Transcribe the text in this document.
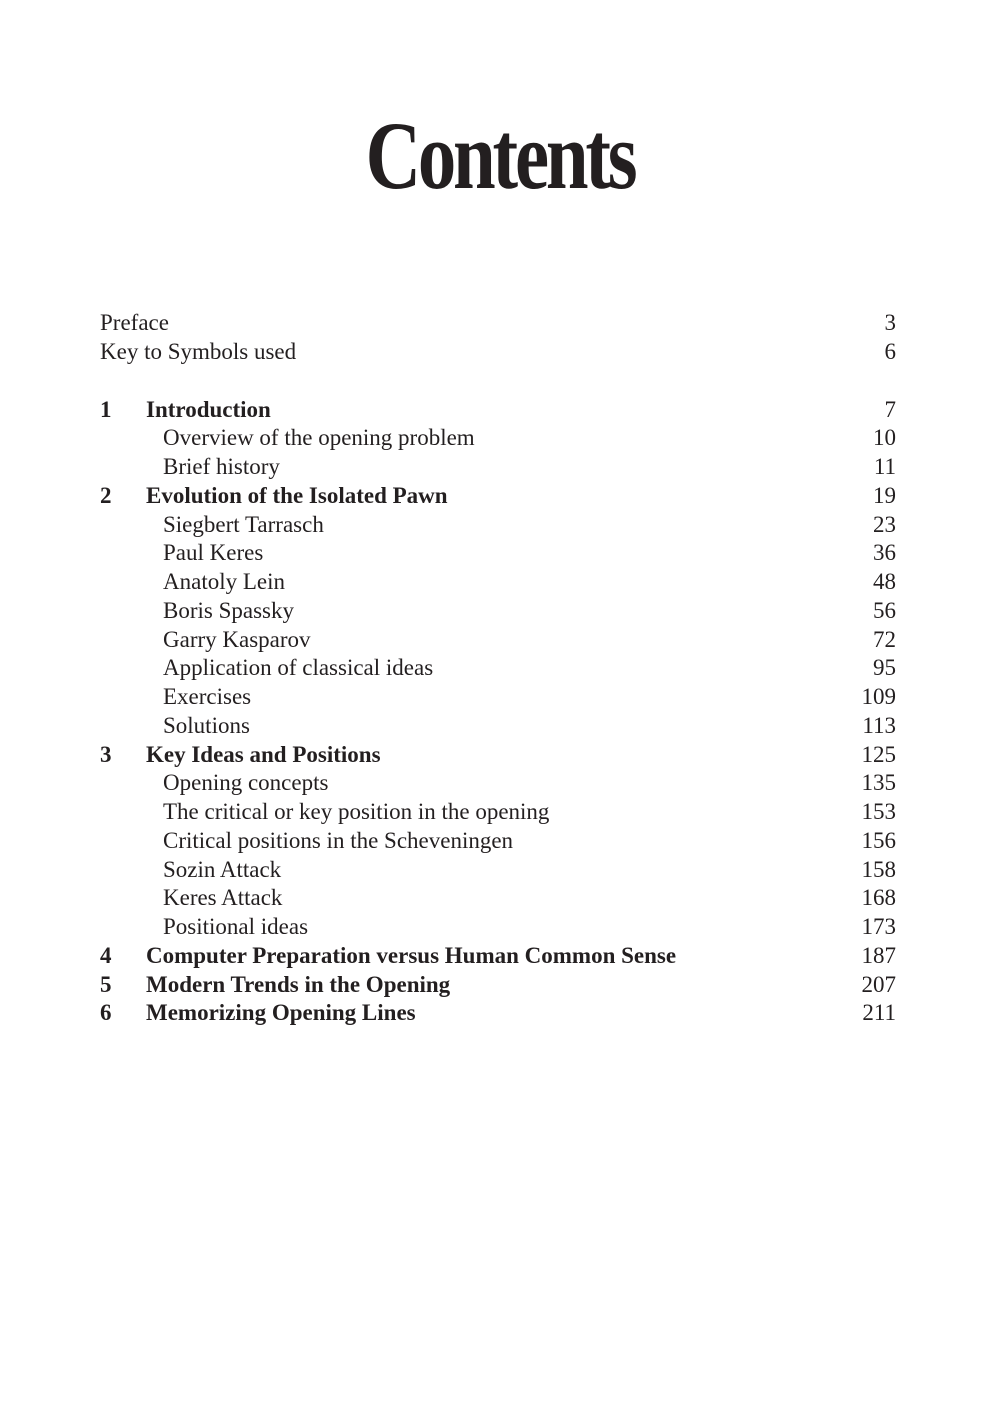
Contents
Preface	3
Key to Symbols used	6
1 Introduction	7
Overview of the opening problem	10
Brief history	11
2 Evolution of the Isolated Pawn	19
Siegbert Tarrasch	23
Paul Keres	36
Anatoly Lein	48
Boris Spassky	56
Garry Kasparov	72
Application of classical ideas	95
Exercises	109
Solutions	113
3 Key Ideas and Positions	125
Opening concepts	135
The critical or key position in the opening	153
Critical positions in the Scheveningen	156
Sozin Attack	158
Keres Attack	168
Positional ideas	173
4 Computer Preparation versus Human Common Sense	187
5 Modern Trends in the Opening	207
6 Memorizing Opening Lines	211
